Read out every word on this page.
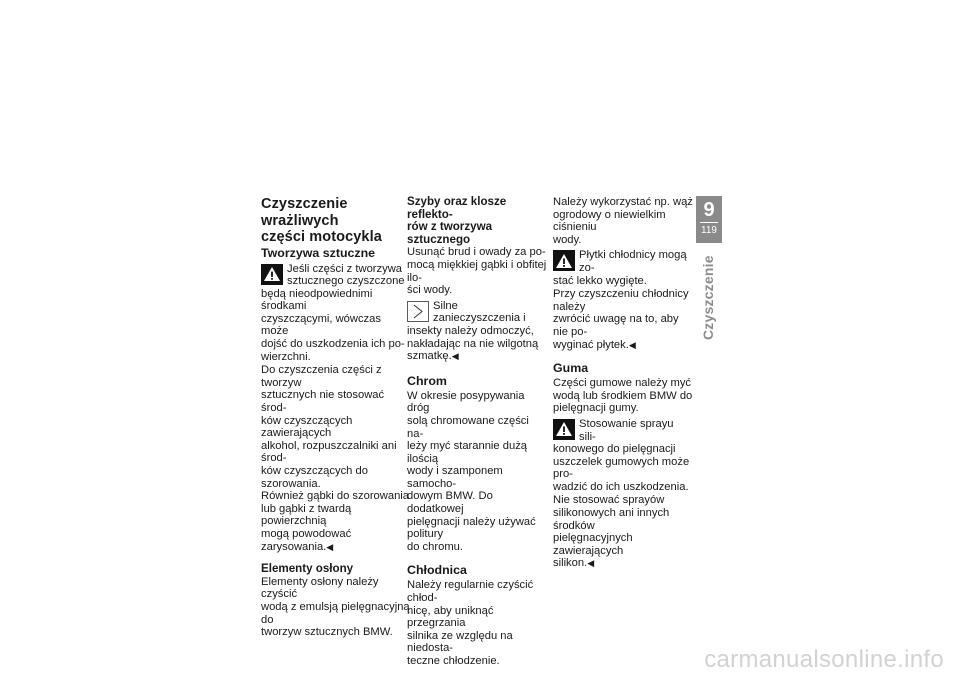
Czyszczenie wrażliwych
części motocykla
Tworzywa sztuczne
Jeśli części z tworzywa
sztucznego czyszczone
będą nieodpowiednimi środkami
czyszczącymi, wówczas może
dojść do uszkodzenia ich po-
wierzchni.
Do czyszczenia części z tworzyw
sztucznych nie stosować środ-
ków czyszczących zawierających
alkohol, rozpuszczalniki ani środ-
ków czyszczących do szorowania.
Również gąbki do szorowania
lub gąbki z twardą powierzchnią
mogą powodować zarysowania.◀
Elementy osłony
Elementy osłony należy czyścić
wodą z emulsją pielęgnacyjną do
tworzyw sztucznych BMW.
Szyby oraz klosze reflekto-
rów z tworzywa sztucznego
Usunąć brud i owady za po-
mocą miękkiej gąbki i obfitej ilo-
ści wody.
Silne zanieczyszczenia i
insekty należy odmoczyć,
nakładając na nie wilgotną
szmatkę.◀
Chrom
W okresie posypywania dróg
solą chromowane części na-
leży myć starannie dużą ilością
wody i szamponem samocho-
dowym BMW. Do dodatkowej
pielęgnacji należy używać politury
do chromu.
Chłodnica
Należy regularnie czyścić chłod-
nicę, aby uniknąć przegrzania
silnika ze względu na niedosta-
teczne chłodzenie.
Należy wykorzystać np. wąż
ogrodowy o niewielkim ciśnieniu
wody.
Płytki chłodnicy mogą zo-
stać lekko wygięte.
Przy czyszczeniu chłodnicy należy
zwrócić uwagę na to, aby nie po-
wyginać płytek.◀
Guma
Części gumowe należy myć
wodą lub środkiem BMW do
pielęgnacji gumy.
Stosowanie sprayu sili-
konowego do pielęgnacji
uszczelek gumowych może pro-
wadzić do ich uszkodzenia.
Nie stosować sprayów
silikonowych ani innych środków
pielęgnacyjnych zawierających
silikon.◀
9
119
Czyszczenie
carmanualsonline.info
